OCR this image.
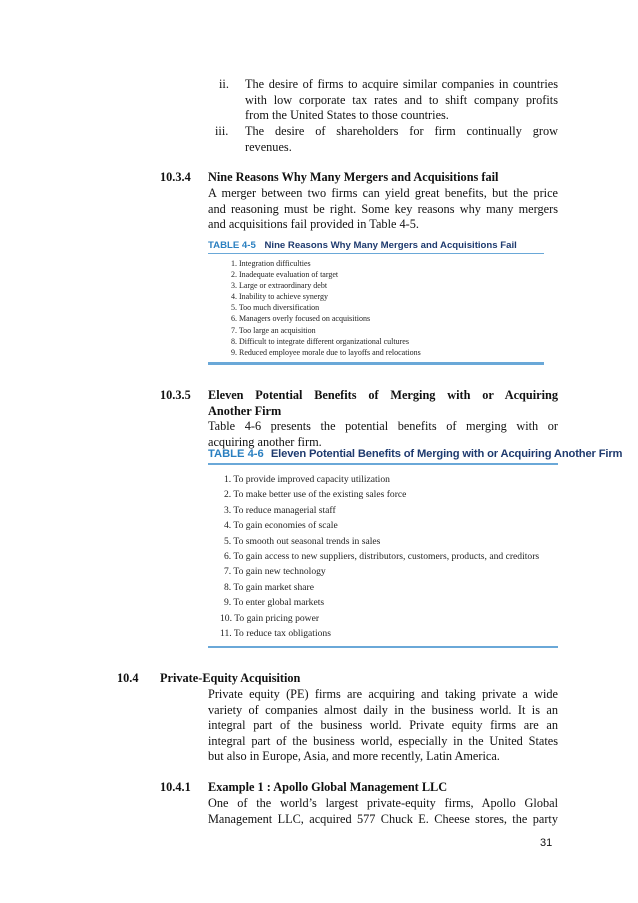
ii. The desire of firms to acquire similar companies in countries
with low corporate tax rates and to shift company profits
from the United States to those countries.
iii. The desire of shareholders for firm continually grow
revenues.
10.3.4 Nine Reasons Why Many Mergers and Acquisitions fail
A merger between two firms can yield great benefits, but the price
and reasoning must be right. Some key reasons why many mergers
and acquisitions fail provided in Table 4-5.
TABLE 4-5 Nine Reasons Why Many Mergers and Acquisitions Fail
1. Integration difficulties
2. Inadequate evaluation of target
3. Large or extraordinary debt
4. Inability to achieve synergy
5. Too much diversification
6. Managers overly focused on acquisitions
7. Too large an acquisition
8. Difficult to integrate different organizational cultures
9. Reduced employee morale due to layoffs and relocations
10.3.5 Eleven Potential Benefits of Merging with or Acquiring
Another Firm
Table 4-6 presents the potential benefits of merging with or
acquiring another firm.
TABLE 4-6 Eleven Potential Benefits of Merging with or Acquiring Another Firm
1. To provide improved capacity utilization
2. To make better use of the existing sales force
3. To reduce managerial staff
4. To gain economies of scale
5. To smooth out seasonal trends in sales
6. To gain access to new suppliers, distributors, customers, products, and creditors
7. To gain new technology
8. To gain market share
9. To enter global markets
10. To gain pricing power
11. To reduce tax obligations
10.4 Private-Equity Acquisition
Private equity (PE) firms are acquiring and taking private a wide
variety of companies almost daily in the business world. It is an
integral part of the business world. Private equity firms are an
integral part of the business world, especially in the United States
but also in Europe, Asia, and more recently, Latin America.
10.4.1 Example 1 : Apollo Global Management LLC
One of the world’s largest private-equity firms, Apollo Global
Management LLC, acquired 577 Chuck E. Cheese stores, the party
31
